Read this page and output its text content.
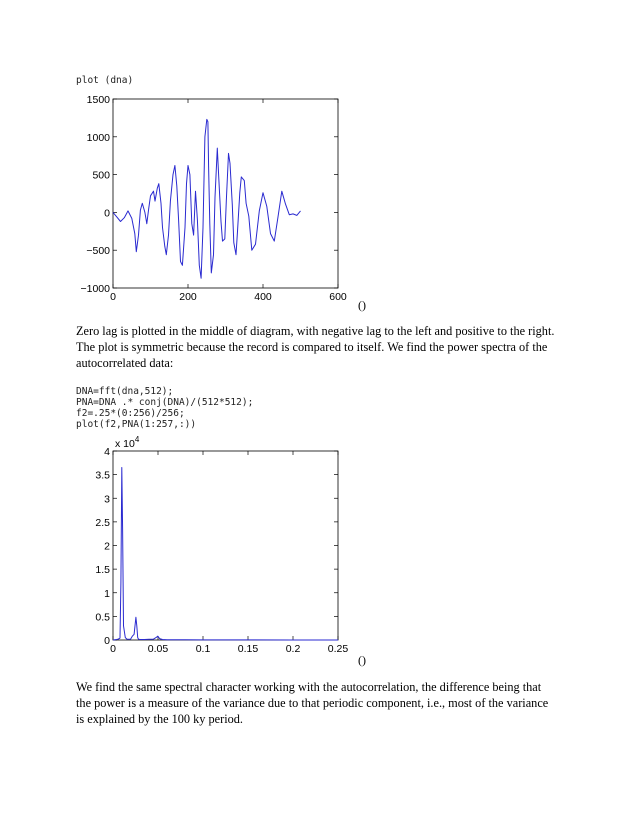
plot (dna)
0	200	400	600
1500
1000
500
0
−500
−1000
()

Zero lag is plotted in the middle of diagram, with negative lag to the left and positive to the right.
The plot is symmetric because the record is compared to itself. We find the power spectra of the
autocorrelated data:

DNA=fft(dna,512);
PNA=DNA .* conj(DNA)/(512*512);
f2=.25*(0:256)/256;
plot(f2,PNA(1:257,:))
0	0.05	0.1	0.15	0.2	0.25
4
3.5
3
2.5
2
1.5
1
0.5
0
x $10^4$
()

We find the same spectral character working with the autocorrelation, the difference being that
the power is a measure of the variance due to that periodic component, i.e., most of the variance
is explained by the 100 ky period.
